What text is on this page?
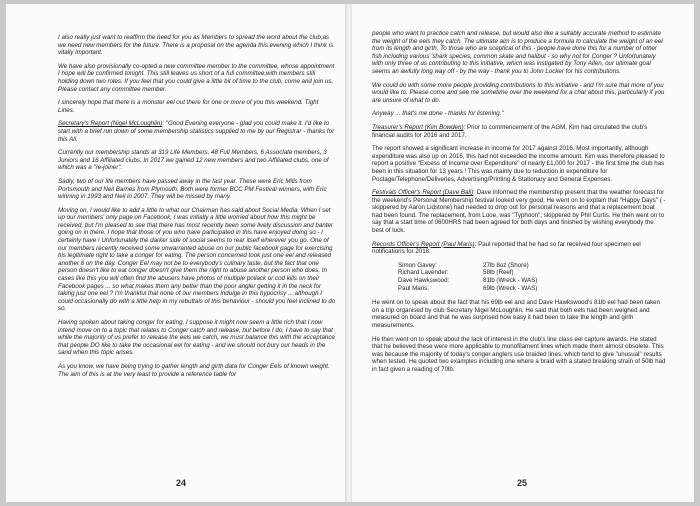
I also really just want to reaffirm the need for you as Members to spread the word about the club,as we need new members for the future. There is a proposal on the agenda this evening which I think is vitally important.

We have also provisionally co-opted a new committee member to the committee, whose appointment I hope will be confirmed tonight. This still leaves us short of a full committee,with members still holding down two roles. If you feel that you could give a little bit of time to the club, come and join us. Please contact any committee member.

I sincerely hope that there is a monster eel out there for one or more of you this weekend. Tight Lines.

Secretary's Report (Nigel McLoughlin): "Good Evening everyone - glad you could make it. I'd like to start with a brief run down of some membership statistics supplied to me by our Registrar - thanks for this Ali.

Currently our membership stands at 319 Life Members, 48 Full Members, 6 Associate members, 3 Juniors and 16 Affiliated clubs. In 2017 we gained 12 new members and two Affiliated clubs, one of which was a "re-joiner".

Sadly, two of our life members have passed away in the last year. These were Eric Mills from Portsmouth and Neil Barnes from Plymouth. Both were former BCC PM Festival winners, with Eric winning in 1993 and Neil in 2007. They will be missed by many.

Moving on, I would like to add a little to what our Chairman has said about Social Media. When I set up our members' only page on Facebook, I was initially a little worried about how this might be received, but I'm pleased to see that there has most recently been some lively discussion and banter going on in there. I hope that those of you who have participated in this have enjoyed doing so - I certainly have ! Unfortunately the darker side of social seems to rear itself wherever you go. One of our members recently received some unwarranted abuse on our public facebook page for exercising his legitimate right to take a conger for eating. The person concerned took just one eel and released another 6 on the day. Conger Eel may not be to everybody's culinary taste, but the fact that one person doesn't like to eat conger doesn't give them the right to abuse another person who does. In cases like this you will often find the abusers have photos of multiple pollack or cod kills on their Facebook pages ... so what makes them any better than the poor angler getting it in the neck for taking just one eel ? I'm thankful that none of our members indulge in this hypocrisy ... although I could occasionally do with a little help in my rebuttals of this behaviour - should you feel inclined to do so.

Having spoken about taking conger for eating, I suppose it might now seem a little rich that I now intend move on to a topic that relates to Conger catch and release, but before I do, I have to say that while the majority of us prefer to release the eels we catch, we must balance this with the acceptance that people DO like to take the occasional eel for eating - and we should not bury our heads in the sand when this topic arises.

As you know, we have being trying to gather length and girth data for Conger Eels of known weight. The aim of this is at the very least to provide a reference table for

24

people who want to practice catch and release, but would also like a suitably accurate method to estimate the weight of the eels they catch. The ultimate aim is to produce a formula to calculate the weight of an eel from its length and girth. To those who are sceptical of this - people have done this for a number of other fish including various 'shark species, common skate and halibut - so why not for Conger ? Unfortunately with only three of us contributing to this initiative, which was instigated by Tony Allen, our ultimate goal seems an awfully long way off - by the way - thank you to John Locker for his contributions.

We could do with some more people providing contributions to this initiative - and I'm sure that more of you would like to. Please come and see me sometime over the weekend for a chat about this, particularly if you are unsure of what to do.

Anyway ... that's me done - thanks for listening."

Treasurer's Report (Kim Bowden): Prior to commencement of the AGM, Kim had circulated the club's financial audits for 2016 and 2017.

The report showed a significant increase in income for 2017 against 2016. Most importantly, although expenditure was also up on 2016, this had not exceeded the income amount. Kim was therefore pleased to report a positive "Excess of Income over Expenditure" of nearly £1,000 for 2017 - the first time the club has been in this situation for 13 years ! This was mainly due to reduction in expenditure for Postage/Telephone/Deliveries, Advertising/Printing & Stationary and General Expenses.

Festivals Officer's Report (Dave Ball): Dave informed the membership present that the weather forecast for the weekend's Personal Membership festival looked very good. He went on to explain that "Happy Days" ( - skippered by Aaron Lidstone) had needed to drop out for personal reasons and that a replacement boat had been found. The replacement, from Looe, was "Typhoon", skippered by Phil Curtis. He then went on to say that a start time of 0600HRS had been agreed for both days and finished by wishing everybody the best of luck.

Records Officer's Report (Paul Maris): Paul reported that he had so far received four specimen eel notifications for 2018:

Simon Gavey:	27lb 8oz (Shore)
Richard Lavender:	58lb (Reef)
Dave Hawkswood:	81lb (Wreck - WAS)
Paul Maris:	69lb (Wreck - WAS)

He went on to speak about the fact that his 69lb eel and and Dave Hawkswood's 81lb eel had been taken on a trip organised by club Secretary Nigel McLoughlin. He said that both eels had been weighed and measured on board and that he was surprised how easy it had been to take the length and girth measurements.

He then went on to speak about the lack of interest in the club's line class eel capture awards. He stated that he believed these were more applicable to monofilament lines which made them almost obsolete. This was because the majority of today's conger anglers use braided lines, which tend to give "unusual" results when tested. He quoted two examples including one where a braid with a stated breaking strain of 50lb had in fact given a reading of 70lb.

25
